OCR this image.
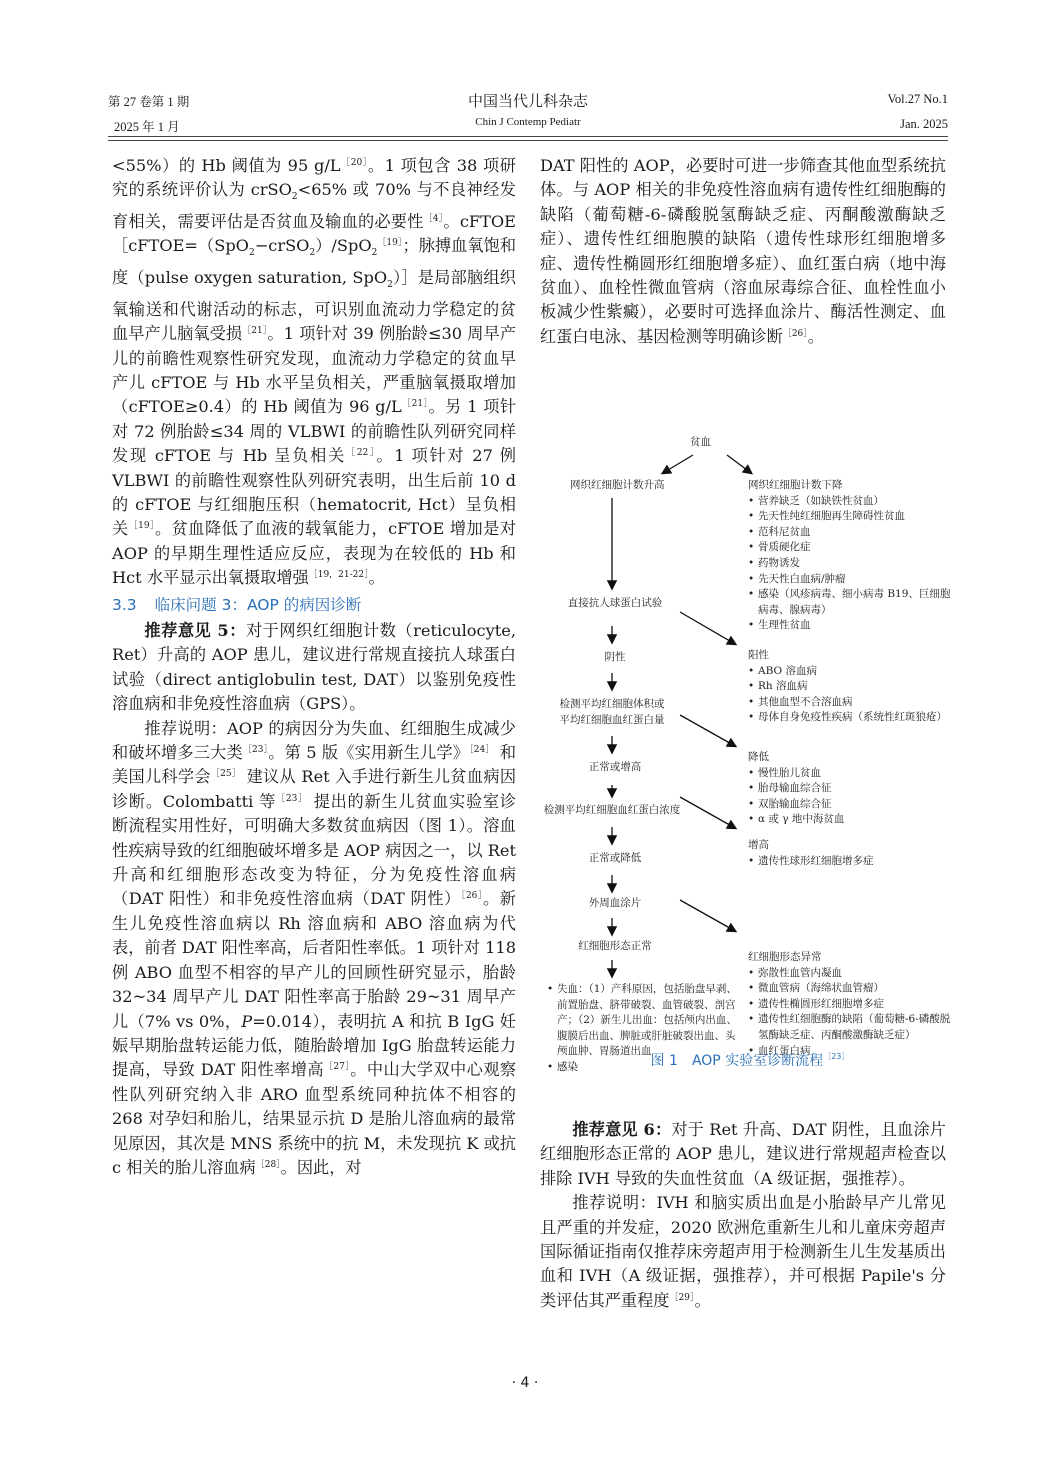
第 27 卷第 1 期
2025 年 1 月
中国当代儿科杂志
Chin J Contemp Pediatr
Vol.27 No.1
Jan. 2025

<55%）的 Hb 阈值为 95 g/L$^{[20]}$。1 项包含 38 项研究的系统评价认为 crSO$_2$<65% 或 70% 与不良神经发育相关，需要评估是否贫血及输血的必要性$^{[4]}$。cFTOE［cFTOE=（SpO$_2$−crSO$_2$）/SpO$_2^{[19]}$；脉搏血氧饱和度（pulse oxygen saturation, SpO$_2$）］是局部脑组织氧输送和代谢活动的标志，可识别血流动力学稳定的贫血早产儿脑氧受损$^{[21]}$。1 项针对 39 例胎龄≤30 周早产儿的前瞻性观察性研究发现，血流动力学稳定的贫血早产儿 cFTOE 与 Hb 水平呈负相关，严重脑氧摄取增加（cFTOE≥0.4）的 Hb 阈值为 96 g/L$^{[21]}$。另 1 项针对 72 例胎龄≤34 周的 VLBWI 的前瞻性队列研究同样发现 cFTOE 与 Hb 呈负相关$^{[22]}$。1 项针对 27 例 VLBWI 的前瞻性观察性队列研究表明，出生后前 10 d 的 cFTOE 与红细胞压积（hematocrit, Hct）呈负相关$^{[19]}$。贫血降低了血液的载氧能力，cFTOE 增加是对 AOP 的早期生理性适应反应，表现为在较低的 Hb 和 Hct 水平显示出氧摄取增强$^{[19,21-22]}$。

3.3 临床问题 3：AOP 的病因诊断

推荐意见 5：对于网织红细胞计数（reticulocyte, Ret）升高的 AOP 患儿，建议进行常规直接抗人球蛋白试验（direct antiglobulin test, DAT）以鉴别免疫性溶血病和非免疫性溶血病（GPS）。

推荐说明：AOP 的病因分为失血、红细胞生成减少和破坏增多三大类$^{[23]}$。第 5 版《实用新生儿学》$^{[24]}$ 和美国儿科学会$^{[25]}$ 建议从 Ret 入手进行新生儿贫血病因诊断。Colombatti 等$^{[23]}$ 提出的新生儿贫血实验室诊断流程实用性好，可明确大多数贫血病因（图 1）。溶血性疾病导致的红细胞破坏增多是 AOP 病因之一，以 Ret 升高和红细胞形态改变为特征，分为免疫性溶血病（DAT 阳性）和非免疫性溶血病（DAT 阴性）$^{[26]}$。新生儿免疫性溶血病以 Rh 溶血病和 ABO 溶血病为代表，前者 DAT 阳性率高，后者阳性率低。1 项针对 118 例 ABO 血型不相容的早产儿的回顾性研究显示，胎龄 32~34 周早产儿 DAT 阳性率高于胎龄 29~31 周早产儿（7% vs 0%，P=0.014），表明抗 A 和抗 B IgG 妊娠早期胎盘转运能力低，随胎龄增加 IgG 胎盘转运能力提高，导致 DAT 阳性率增高$^{[27]}$。中山大学双中心观察性队列研究纳入非 ARO 血型系统同种抗体不相容的 268 对孕妇和胎儿，结果显示抗 D 是胎儿溶血病的最常见原因，其次是 MNS 系统中的抗 M，未发现抗 K 或抗 c 相关的胎儿溶血病$^{[28]}$。因此，对

DAT 阳性的 AOP，必要时可进一步筛查其他血型系统抗体。与 AOP 相关的非免疫性溶血病有遗传性红细胞酶的缺陷（葡萄糖-6-磷酸脱氢酶缺乏症、丙酮酸激酶缺乏症）、遗传性红细胞膜的缺陷（遗传性球形红细胞增多症、遗传性椭圆形红细胞增多症）、血红蛋白病（地中海贫血）、血栓性微血管病（溶血尿毒综合征、血栓性血小板减少性紫癜），必要时可选择血涂片、酶活性测定、血红蛋白电泳、基因检测等明确诊断$^{[26]}$。

贫血
网织红细胞计数升高	网织红细胞计数下降
• 营养缺乏（如缺铁性贫血）
• 先天性纯红细胞再生障碍性贫血
• 范科尼贫血
• 骨质硬化症
• 药物诱发
• 先天性白血病/肿瘤
• 感染（风疹病毒、细小病毒 B19、巨细胞病毒、腺病毒）
• 生理性贫血
直接抗人球蛋白试验
阴性	阳性
• ABO 溶血病
• Rh 溶血病
• 其他血型不合溶血病
• 母体自身免疫性疾病（系统性红斑狼疮）
检测平均红细胞体积或
平均红细胞血红蛋白量
正常或增高
降低
• 慢性胎儿贫血
• 胎母输血综合征
• 双胎输血综合征
• α 或 γ 地中海贫血
检测平均红细胞血红蛋白浓度
正常或降低
增高
• 遗传性球形红细胞增多症
外周血涂片
红细胞形态正常
• 失血：（1）产科原因，包括胎盘早剥、前置胎盘、脐带破裂、血管破裂、剖宫产；（2）新生儿出血：包括颅内出血、腹膜后出血、脾脏或肝脏破裂出血、头颅血肿、胃肠道出血
• 感染
红细胞形态异常
• 弥散性血管内凝血
• 微血管病（海绵状血管瘤）
• 遗传性椭圆形红细胞增多症
• 遗传性红细胞酶的缺陷（葡萄糖-6-磷酸脱氢酶缺乏症、丙酮酸激酶缺乏症）
• 血红蛋白病
图 1　AOP 实验室诊断流程$^{[23]}$

推荐意见 6：对于 Ret 升高、DAT 阴性，且血涂片红细胞形态正常的 AOP 患儿，建议进行常规超声检查以排除 IVH 导致的失血性贫血（A 级证据，强推荐）。

推荐说明：IVH 和脑实质出血是小胎龄早产儿常见且严重的并发症，2020 欧洲危重新生儿和儿童床旁超声国际循证指南仅推荐床旁超声用于检测新生儿生发基质出血和 IVH（A 级证据，强推荐），并可根据 Papile's 分类评估其严重程度$^{[29]}$。

· 4 ·
